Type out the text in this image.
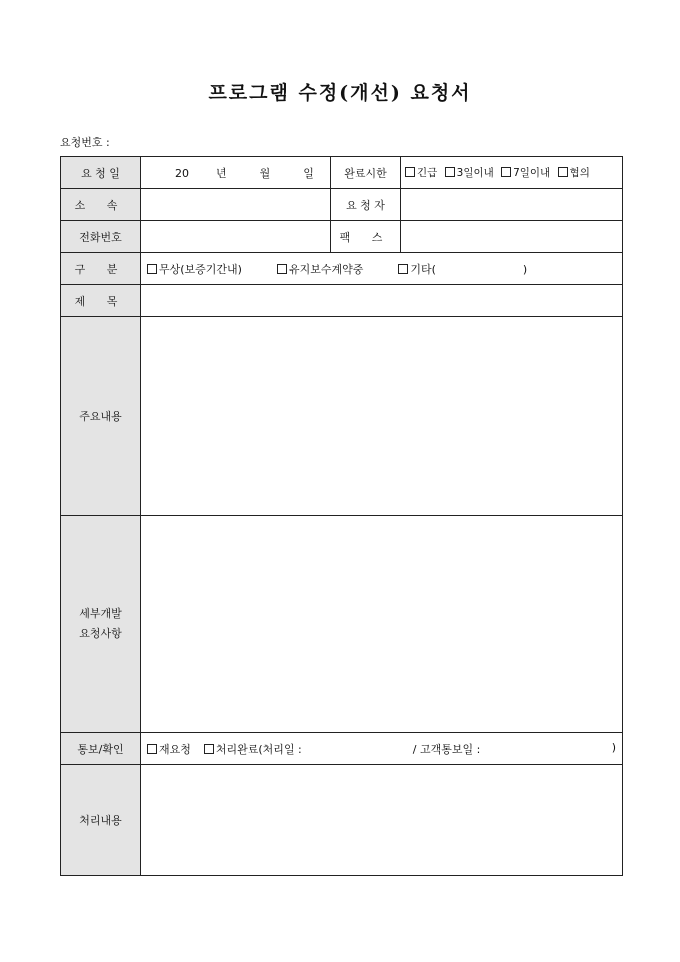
프로그램 수정(개선) 요청서
요청번호 :
요 청 일	20 년 월 일	완료시한	긴급 3일이내 7일이내 협의
소 속		요 청 자	
전화번호		팩 스	
구 분	무상(보증기간내) 유지보수계약중 기타( )		
제 목			
주요내용			
세부개발
요청사항			
통보/확인	재요청 처리완료(처리일 : / 고객통보일 : )		

처리내용			
